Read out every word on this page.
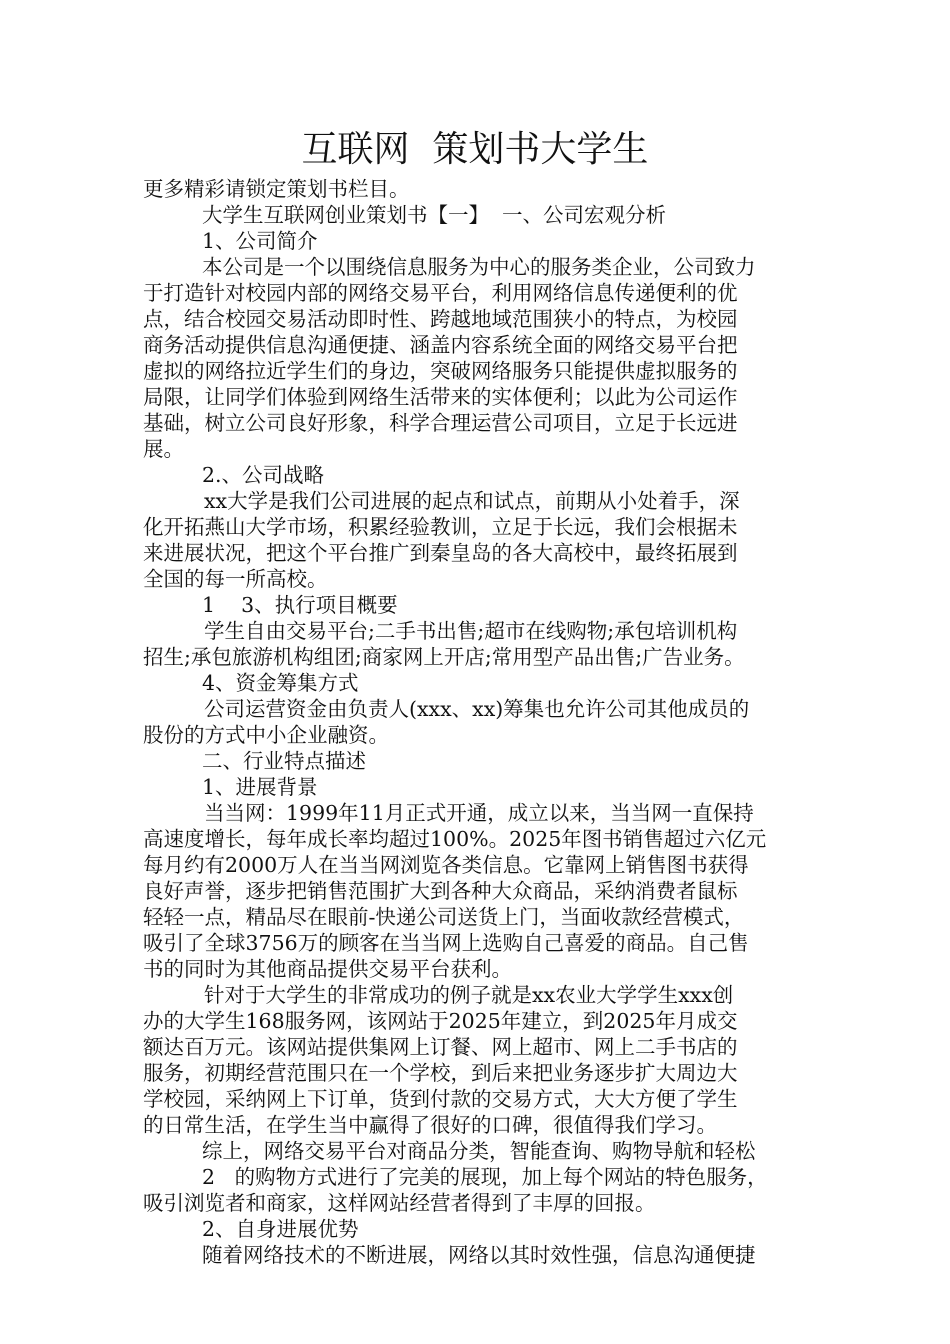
互联网  策划书大学生
更多精彩请锁定策划书栏目。
大学生互联网创业策划书【一】  一、公司宏观分析
1、公司简介
本公司是一个以围绕信息服务为中心的服务类企业，公司致力
于打造针对校园内部的网络交易平台，利用网络信息传递便利的优
点，结合校园交易活动即时性、跨越地域范围狭小的特点，为校园
商务活动提供信息沟通便捷、涵盖内容系统全面的网络交易平台把
虚拟的网络拉近学生们的身边，突破网络服务只能提供虚拟服务的
局限，让同学们体验到网络生活带来的实体便利；以此为公司运作
基础，树立公司良好形象，科学合理运营公司项目，立足于长远进
展。
2.、公司战略
xx大学是我们公司进展的起点和试点，前期从小处着手，深
化开拓燕山大学市场，积累经验教训，立足于长远，我们会根据未
来进展状况，把这个平台推广到秦皇岛的各大高校中，最终拓展到
全国的每一所高校。
1    3、执行项目概要
学生自由交易平台;二手书出售;超市在线购物;承包培训机构
招生;承包旅游机构组团;商家网上开店;常用型产品出售;广告业务。
4、资金筹集方式
公司运营资金由负责人(xxx、xx)筹集也允许公司其他成员的
股份的方式中小企业融资。
二、行业特点描述
1、进展背景
当当网：1999年11月正式开通，成立以来，当当网一直保持
高速度增长，每年成长率均超过100%。2025年图书销售超过六亿元
每月约有2000万人在当当网浏览各类信息。它靠网上销售图书获得
良好声誉，逐步把销售范围扩大到各种大众商品，采纳消费者鼠标
轻轻一点，精品尽在眼前-快递公司送货上门，当面收款经营模式，
吸引了全球3756万的顾客在当当网上选购自己喜爱的商品。自己售
书的同时为其他商品提供交易平台获利。
针对于大学生的非常成功的例子就是xx农业大学学生xxx创
办的大学生168服务网，该网站于2025年建立，到2025年月成交
额达百万元。该网站提供集网上订餐、网上超市、网上二手书店的
服务，初期经营范围只在一个学校，到后来把业务逐步扩大周边大
学校园，采纳网上下订单，货到付款的交易方式，大大方便了学生
的日常生活，在学生当中赢得了很好的口碑，很值得我们学习。
综上，网络交易平台对商品分类，智能查询、购物导航和轻松
2   的购物方式进行了完美的展现，加上每个网站的特色服务，
吸引浏览者和商家，这样网站经营者得到了丰厚的回报。
2、自身进展优势
随着网络技术的不断进展，网络以其时效性强，信息沟通便捷
